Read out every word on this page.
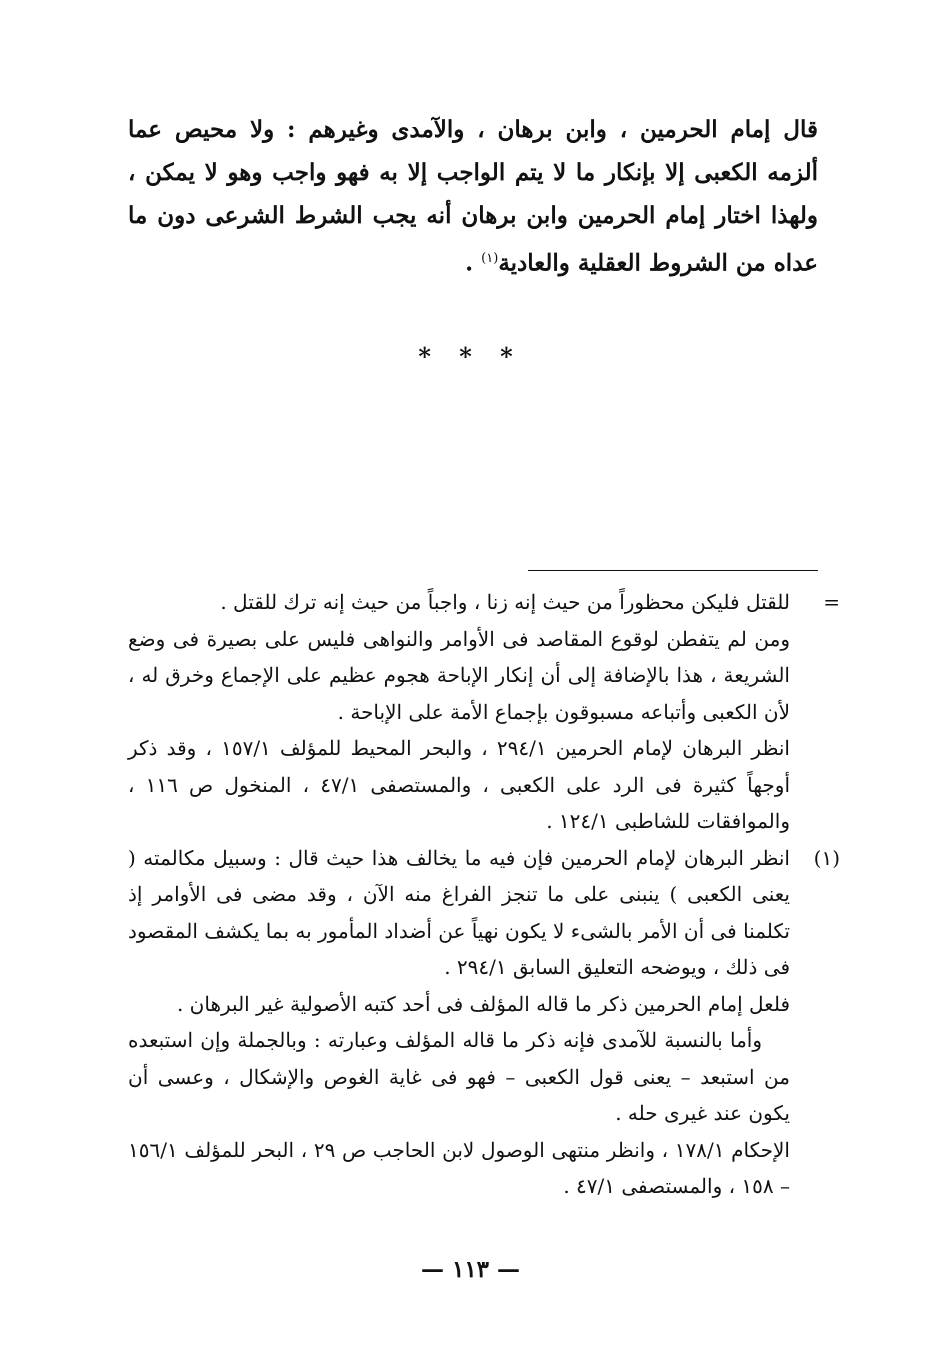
قال إمام الحرمين ، وابن برهان ، والآمدى وغيرهم : ولا محيص عما ألزمه الكعبى إلا بإنكار ما لا يتم الواجب إلا به فهو واجب وهو لا يمكن ، ولهذا اختار إمام الحرمين وابن برهان أنه يجب الشرط الشرعى دون ما عداه من الشروط العقلية والعادية$^{(١)}$ .

* * *
=

للقتل فليكن محظوراً من حيث إنه زنا ، واجباً من حيث إنه ترك للقتل .

ومن لم يتفطن لوقوع المقاصد فى الأوامر والنواهى فليس على بصيرة فى وضع الشريعة ، هذا بالإضافة إلى أن إنكار الإباحة هجوم عظيم على الإجماع وخرق له ، لأن الكعبى وأتباعه مسبوقون بإجماع الأمة على الإباحة .

انظر البرهان لإمام الحرمين ٢٩٤/١ ، والبحر المحيط للمؤلف ١٥٧/١ ، وقد ذكر أوجهاً كثيرة فى الرد على الكعبى ، والمستصفى ٤٧/١ ، المنخول ص ١١٦ ، والموافقات للشاطبى ١٢٤/١ .

(١)

انظر البرهان لإمام الحرمين فإن فيه ما يخالف هذا حيث قال : وسبيل مكالمته ( يعنى الكعبى ) ينبنى على ما تنجز الفراغ منه الآن ، وقد مضى فى الأوامر إذ تكلمنا فى أن الأمر بالشىء لا يكون نهياً عن أضداد المأمور به بما يكشف المقصود فى ذلك ، ويوضحه التعليق السابق ٢٩٤/١ .

فلعل إمام الحرمين ذكر ما قاله المؤلف فى أحد كتبه الأصولية غير البرهان .

وأما بالنسبة للآمدى فإنه ذكر ما قاله المؤلف وعبارته : وبالجملة وإن استبعده من استبعد – يعنى قول الكعبى – فهو فى غاية الغوص والإشكال ، وعسى أن يكون عند غيرى حله .

الإحكام ١٧٨/١ ، وانظر منتهى الوصول لابن الحاجب ص ٢٩ ، البحر للمؤلف ١٥٦/١ – ١٥٨ ، والمستصفى ٤٧/١ .

— ١١٣ —
